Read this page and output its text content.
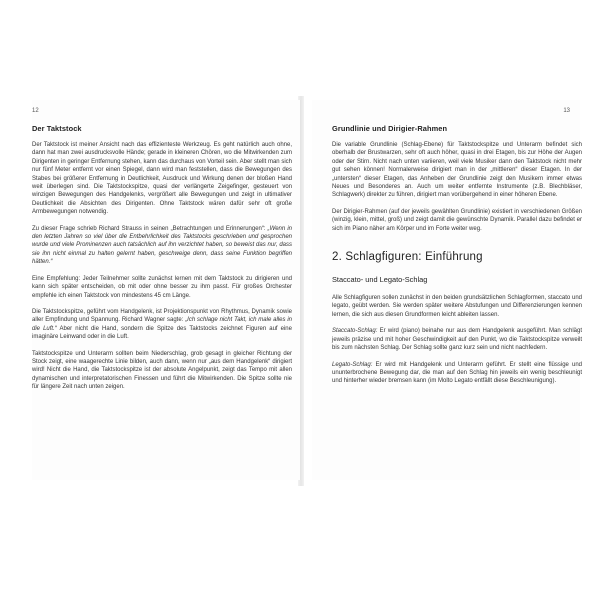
12
Der Taktstock

Der Taktstock ist meiner Ansicht nach das effizienteste Werkzeug. Es geht natürlich auch ohne, dann hat man zwei ausdrucksvolle Hände; gerade in kleineren Chören, wo die Mitwirkenden zum Dirigenten in geringer Entfernung stehen, kann das durchaus von Vorteil sein. Aber stellt man sich nur fünf Meter entfernt vor einen Spiegel, dann wird man feststellen, dass die Bewegungen des Stabes bei größerer Entfernung in Deutlichkeit, Ausdruck und Wirkung denen der bloßen Hand weit überlegen sind. Die Taktstockspitze, quasi der verlängerte Zeigefinger, gesteuert von winzigen Bewegungen des Handgelenks, vergrößert alle Bewegungen und zeigt in ultimativer Deutlichkeit die Absichten des Dirigenten. Ohne Taktstock wären dafür sehr oft große Armbewegungen notwendig.

Zu dieser Frage schrieb Richard Strauss in seinen „Betrachtungen und Erinnerungen“: „Wenn in den letzten Jahren so viel über die Entbehrlichkeit des Taktstocks geschrieben und gesprochen wurde und viele Prominenzen auch tatsächlich auf ihn verzichtet haben, so beweist das nur, dass sie ihn nicht einmal zu halten gelernt haben, geschweige denn, dass seine Funktion begriffen hätten.“

Eine Empfehlung: Jeder Teilnehmer sollte zunächst lernen mit dem Taktstock zu dirigieren und kann sich später entscheiden, ob mit oder ohne besser zu ihm passt. Für großes Orchester empfehle ich einen Taktstock von mindestens 45 cm Länge.

Die Taktstockspitze, geführt vom Handgelenk, ist Projektionspunkt von Rhythmus, Dynamik sowie aller Empfindung und Spannung. Richard Wagner sagte: „Ich schlage nicht Takt, ich male alles in die Luft.“ Aber nicht die Hand, sondern die Spitze des Taktstocks zeichnet Figuren auf eine imaginäre Leinwand oder in die Luft.

Taktstockspitze und Unterarm sollten beim Niederschlag, grob gesagt in gleicher Richtung der Stock zeigt, eine waagerechte Linie bilden, auch dann, wenn nur „aus dem Handgelenk“ dirigiert wird! Nicht die Hand, die Taktstockspitze ist der absolute Angelpunkt, zeigt das Tempo mit allen dynamischen und interpretatorischen Finessen und führt die Mitwirkenden. Die Spitze sollte nie für längere Zeit nach unten zeigen.

13
Grundlinie und Dirigier-Rahmen

Die variable Grundlinie (Schlag-Ebene) für Taktstockspitze und Unterarm befindet sich oberhalb der Brustwarzen, sehr oft auch höher, quasi in drei Etagen, bis zur Höhe der Augen oder der Stirn. Nicht nach unten variieren, weil viele Musiker dann den Taktstock nicht mehr gut sehen können! Normalerweise dirigiert man in der „mittleren“ dieser Etagen. In der „untersten“ dieser Etagen, das Anheben der Grundlinie zeigt den Musikern immer etwas Neues und Besonderes an. Auch um weiter entfernte Instrumente (z.B. Blechbläser, Schlagwerk) direkter zu führen, dirigiert man vorübergehend in einer höheren Ebene.

Der Dirigier-Rahmen (auf der jeweils gewählten Grundlinie) existiert in verschiedenen Größen (winzig, klein, mittel, groß) und zeigt damit die gewünschte Dynamik. Parallel dazu befindet er sich im Piano näher am Körper und im Forte weiter weg.

2. Schlagfiguren: Einführung
Staccato- und Legato-Schlag

Alle Schlagfiguren sollen zunächst in den beiden grundsätzlichen Schlagformen, staccato und legato, geübt werden. Sie werden später weitere Abstufungen und Differenzierungen kennen lernen, die sich aus diesen Grundformen leicht ableiten lassen.

Staccato-Schlag: Er wird (piano) beinahe nur aus dem Handgelenk ausgeführt. Man schlägt jeweils präzise und mit hoher Geschwindigkeit auf den Punkt, wo die Taktstockspitze verweilt bis zum nächsten Schlag. Der Schlag sollte ganz kurz sein und nicht nachfedern.

Legato-Schlag: Er wird mit Handgelenk und Unterarm geführt. Er stellt eine flüssige und ununterbrochene Bewegung dar, die man auf den Schlag hin jeweils ein wenig beschleunigt und hinterher wieder bremsen kann (im Molto Legato entfällt diese Beschleunigung).
